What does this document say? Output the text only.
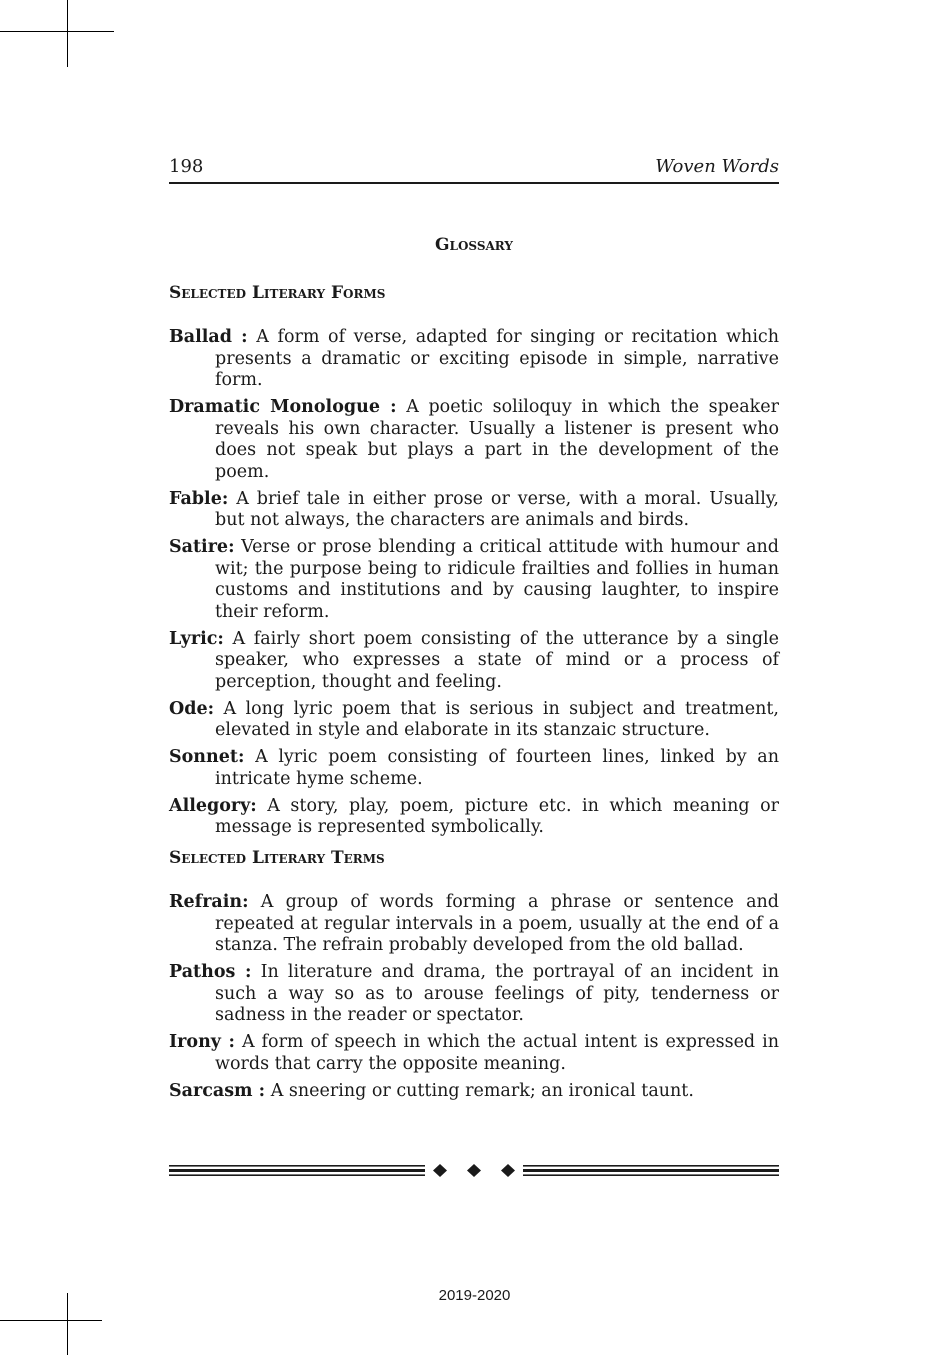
198	Woven Words
Glossary
Selected Literary Forms
Ballad : A form of verse, adapted for singing or recitation which presents a dramatic or exciting episode in simple, narrative form.
Dramatic Monologue : A poetic soliloquy in which the speaker reveals his own character. Usually a listener is present who does not speak but plays a part in the development of the poem.
Fable: A brief tale in either prose or verse, with a moral. Usually, but not always, the characters are animals and birds.
Satire: Verse or prose blending a critical attitude with humour and wit; the purpose being to ridicule frailties and follies in human customs and institutions and by causing laughter, to inspire their reform.
Lyric: A fairly short poem consisting of the utterance by a single speaker, who expresses a state of mind or a process of perception, thought and feeling.
Ode: A long lyric poem that is serious in subject and treatment, elevated in style and elaborate in its stanzaic structure.
Sonnet: A lyric poem consisting of fourteen lines, linked by an intricate hyme scheme.
Allegory: A story, play, poem, picture etc. in which meaning or message is represented symbolically.
Selected Literary Terms
Refrain: A group of words forming a phrase or sentence and repeated at regular intervals in a poem, usually at the end of a stanza. The refrain probably developed from the old ballad.
Pathos : In literature and drama, the portrayal of an incident in such a way so as to arouse feelings of pity, tenderness or sadness in the reader or spectator.
Irony : A form of speech in which the actual intent is expressed in words that carry the opposite meaning.
Sarcasm : A sneering or cutting remark; an ironical taunt.
2019-2020
